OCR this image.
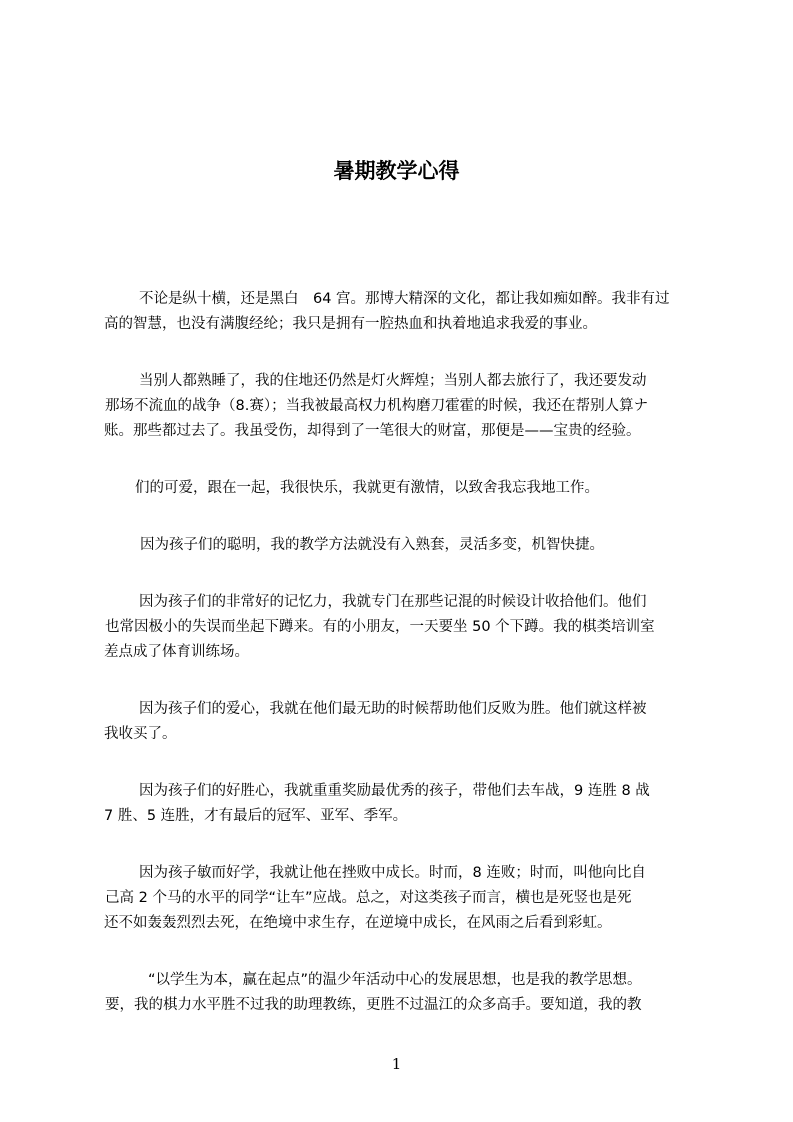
暑期教学心得

不论是纵十横，还是黑白　64 宫。那博大精深的文化，都让我如痴如醉。我非有过
高的智慧，也没有满腹经纶；我只是拥有一腔热血和执着地追求我爱的事业。

当别人都熟睡了，我的住地还仍然是灯火辉煌；当别人都去旅行了，我还要发动
那场不流血的战争（8.赛）；当我被最高权力机构磨刀霍霍的时候，我还在帮别人算ナ
账。那些都过去了。我虽受伤，却得到了一笔很大的财富，那便是——宝贵的经验。

们的可爱，跟在一起，我很快乐，我就更有激情，以致舍我忘我地工作。

因为孩子们的聪明，我的教学方法就没有入熟套，灵活多变，机智快捷。

因为孩子们的非常好的记忆力，我就专门在那些记混的时候设计收拾他们。他们
也常因极小的失误而坐起下蹲来。有的小朋友，一天要坐 50 个下蹲。我的棋类培训室
差点成了体育训练场。

因为孩子们的爱心，我就在他们最无助的时候帮助他们反败为胜。他们就这样被
我收买了。

因为孩子们的好胜心，我就重重奖励最优秀的孩子，带他们去车战，9 连胜 8 战
7 胜、5 连胜，才有最后的冠军、亚军、季军。

因为孩子敏而好学，我就让他在挫败中成长。时而，8 连败；时而，叫他向比自
己高 2 个马的水平的同学“让车”应战。总之，对这类孩子而言，横也是死竖也是死
还不如轰轰烈烈去死，在绝境中求生存，在逆境中成长，在风雨之后看到彩虹。

“以学生为本，赢在起点”的温少年活动中心的发展思想，也是我的教学思想。
要，我的棋力水平胜不过我的助理教练，更胜不过温江的众多高手。要知道，我的教

1
